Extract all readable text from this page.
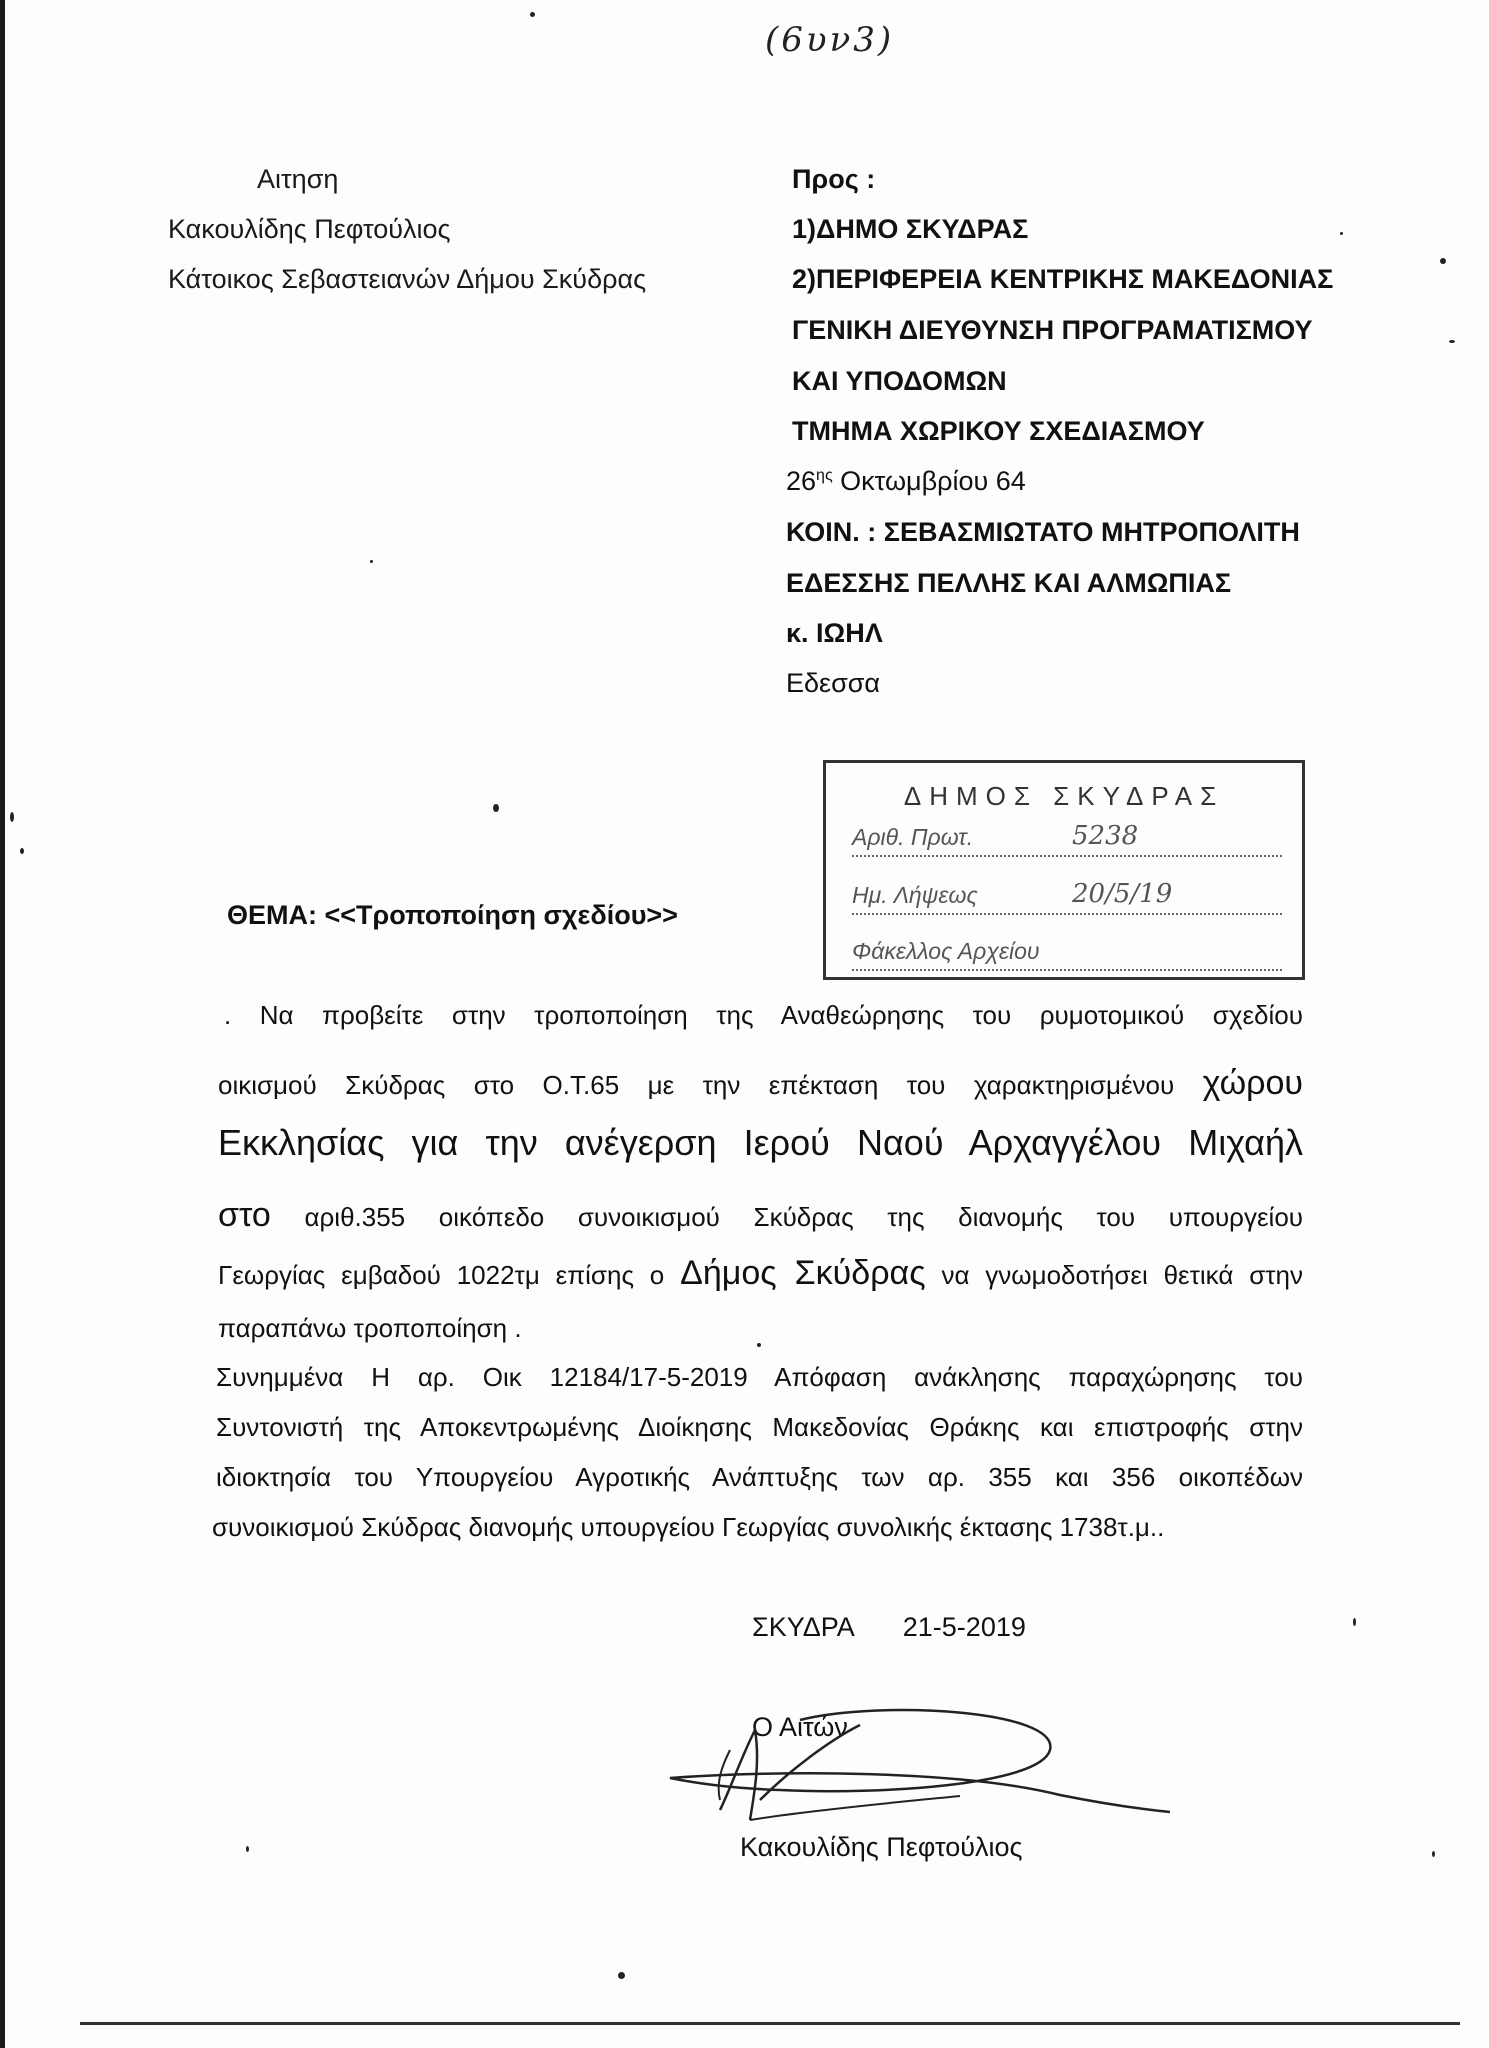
(6υν3)
Αιτηση
Κακουλίδης Πεφτούλιος
Κάτοικος Σεβαστειανών Δήμου Σκύδρας
Προς :
1)ΔΗΜΟ ΣΚΥΔΡΑΣ
2)ΠΕΡΙΦΕΡΕΙΑ ΚΕΝΤΡΙΚΗΣ ΜΑΚΕΔΟΝΙΑΣ
ΓΕΝΙΚΗ ΔΙΕΥΘΥΝΣΗ ΠΡΟΓΡΑΜΑΤΙΣΜΟΥ
ΚΑΙ ΥΠΟΔΟΜΩΝ
ΤΜΗΜΑ ΧΩΡΙΚΟΥ ΣΧΕΔΙΑΣΜΟΥ
$26^{\eta\varsigma}$ Οκτωμβρίου 64
ΚΟΙΝ. : ΣΕΒΑΣΜΙΩΤΑΤΟ ΜΗΤΡΟΠΟΛΙΤΗ
ΕΔΕΣΣΗΣ ΠΕΛΛΗΣ ΚΑΙ ΑΛΜΩΠΙΑΣ
κ. ΙΩΗΛ
Εδεσσα
ΔΗΜΟΣ ΣΚΥΔΡΑΣ
Αριθ. Πρωτ.	5238
Ημ. Λήψεως	20/5/19
Φάκελλος Αρχείου
ΘΕΜΑ: <<Τροποποίηση σχεδίου>>
. Να προβείτε στην τροποποίηση της Αναθεώρησης του ρυμοτομικού σχεδίου
οικισμού Σκύδρας στο Ο.Τ.65 με την επέκταση του χαρακτηρισμένου χώρου
Εκκλησίας για την ανέγερση Ιερού Ναού Αρχαγγέλου Μιχαήλ
στο αριθ.355 οικόπεδο συνοικισμού Σκύδρας της διανομής του υπουργείου
Γεωργίας εμβαδού 1022τμ επίσης ο Δήμος Σκύδρας να γνωμοδοτήσει θετικά στην
παραπάνω τροποποίηση .
Συνημμένα Η αρ. Οικ 12184/17-5-2019 Απόφαση ανάκλησης παραχώρησης του
Συντονιστή της Αποκεντρωμένης Διοίκησης Μακεδονίας Θράκης και επιστροφής στην
ιδιοκτησία του Υπουργείου Αγροτικής Ανάπτυξης των αρ. 355 και 356 οικοπέδων
συνοικισμού Σκύδρας διανομής υπουργείου Γεωργίας συνολικής έκτασης 1738τ.μ..
ΣΚΥΔΡΑ 21-5-2019
Ο Αιτών
Κακουλίδης Πεφτούλιος
